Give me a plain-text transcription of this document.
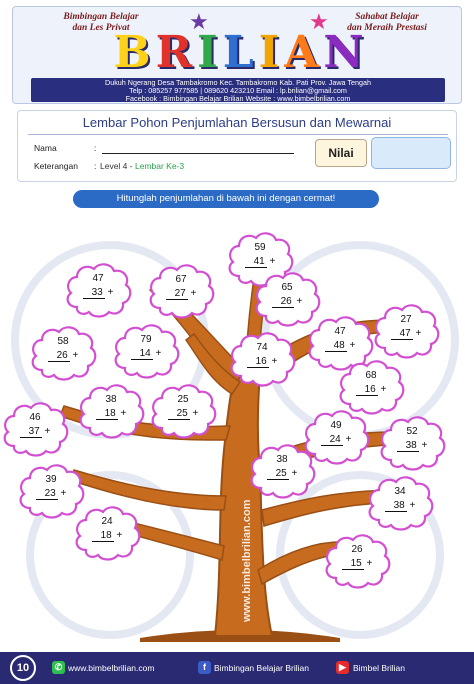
Bimbingan Belajar
dan Les Privat
Sahabat Belajar
dan Meraih Prestasi
★	★
B R I L I A N
Dukuh Ngerang Desa Tambakromo Kec. Tambakromo Kab. Pati Prov. Jawa Tengah
Telp : 085257 977585 | 089620 423210 Email : lp.brilian@gmail.com
Facebook : Bimbingan Belajar Brilian Website : www.bimbelbrilian.com
Lembar Pohon Penjumlahan Bersusun dan Mewarnai
Nama	:
Keterangan : Level 4 - Lembar Ke-3
Nilai
Hitunglah penjumlahan di bawah ini dengan cermat!
www.bimbelbrilian.com
59
41 +
47
33 +
67
27 +
65
26 +
27
47 +
47
48 +
58
26 +
79
14 +
74
16 +
68
16 +
46
37 +
38
18 +
25
25 +
49
24 +
52
38 +
38
25 +
39
23 +	34
38 +
24
18 +
26
15 +
10	✆ www.bimbelbrilian.com	f Bimbingan Belajar Brilian	▶ Bimbel Brilian
